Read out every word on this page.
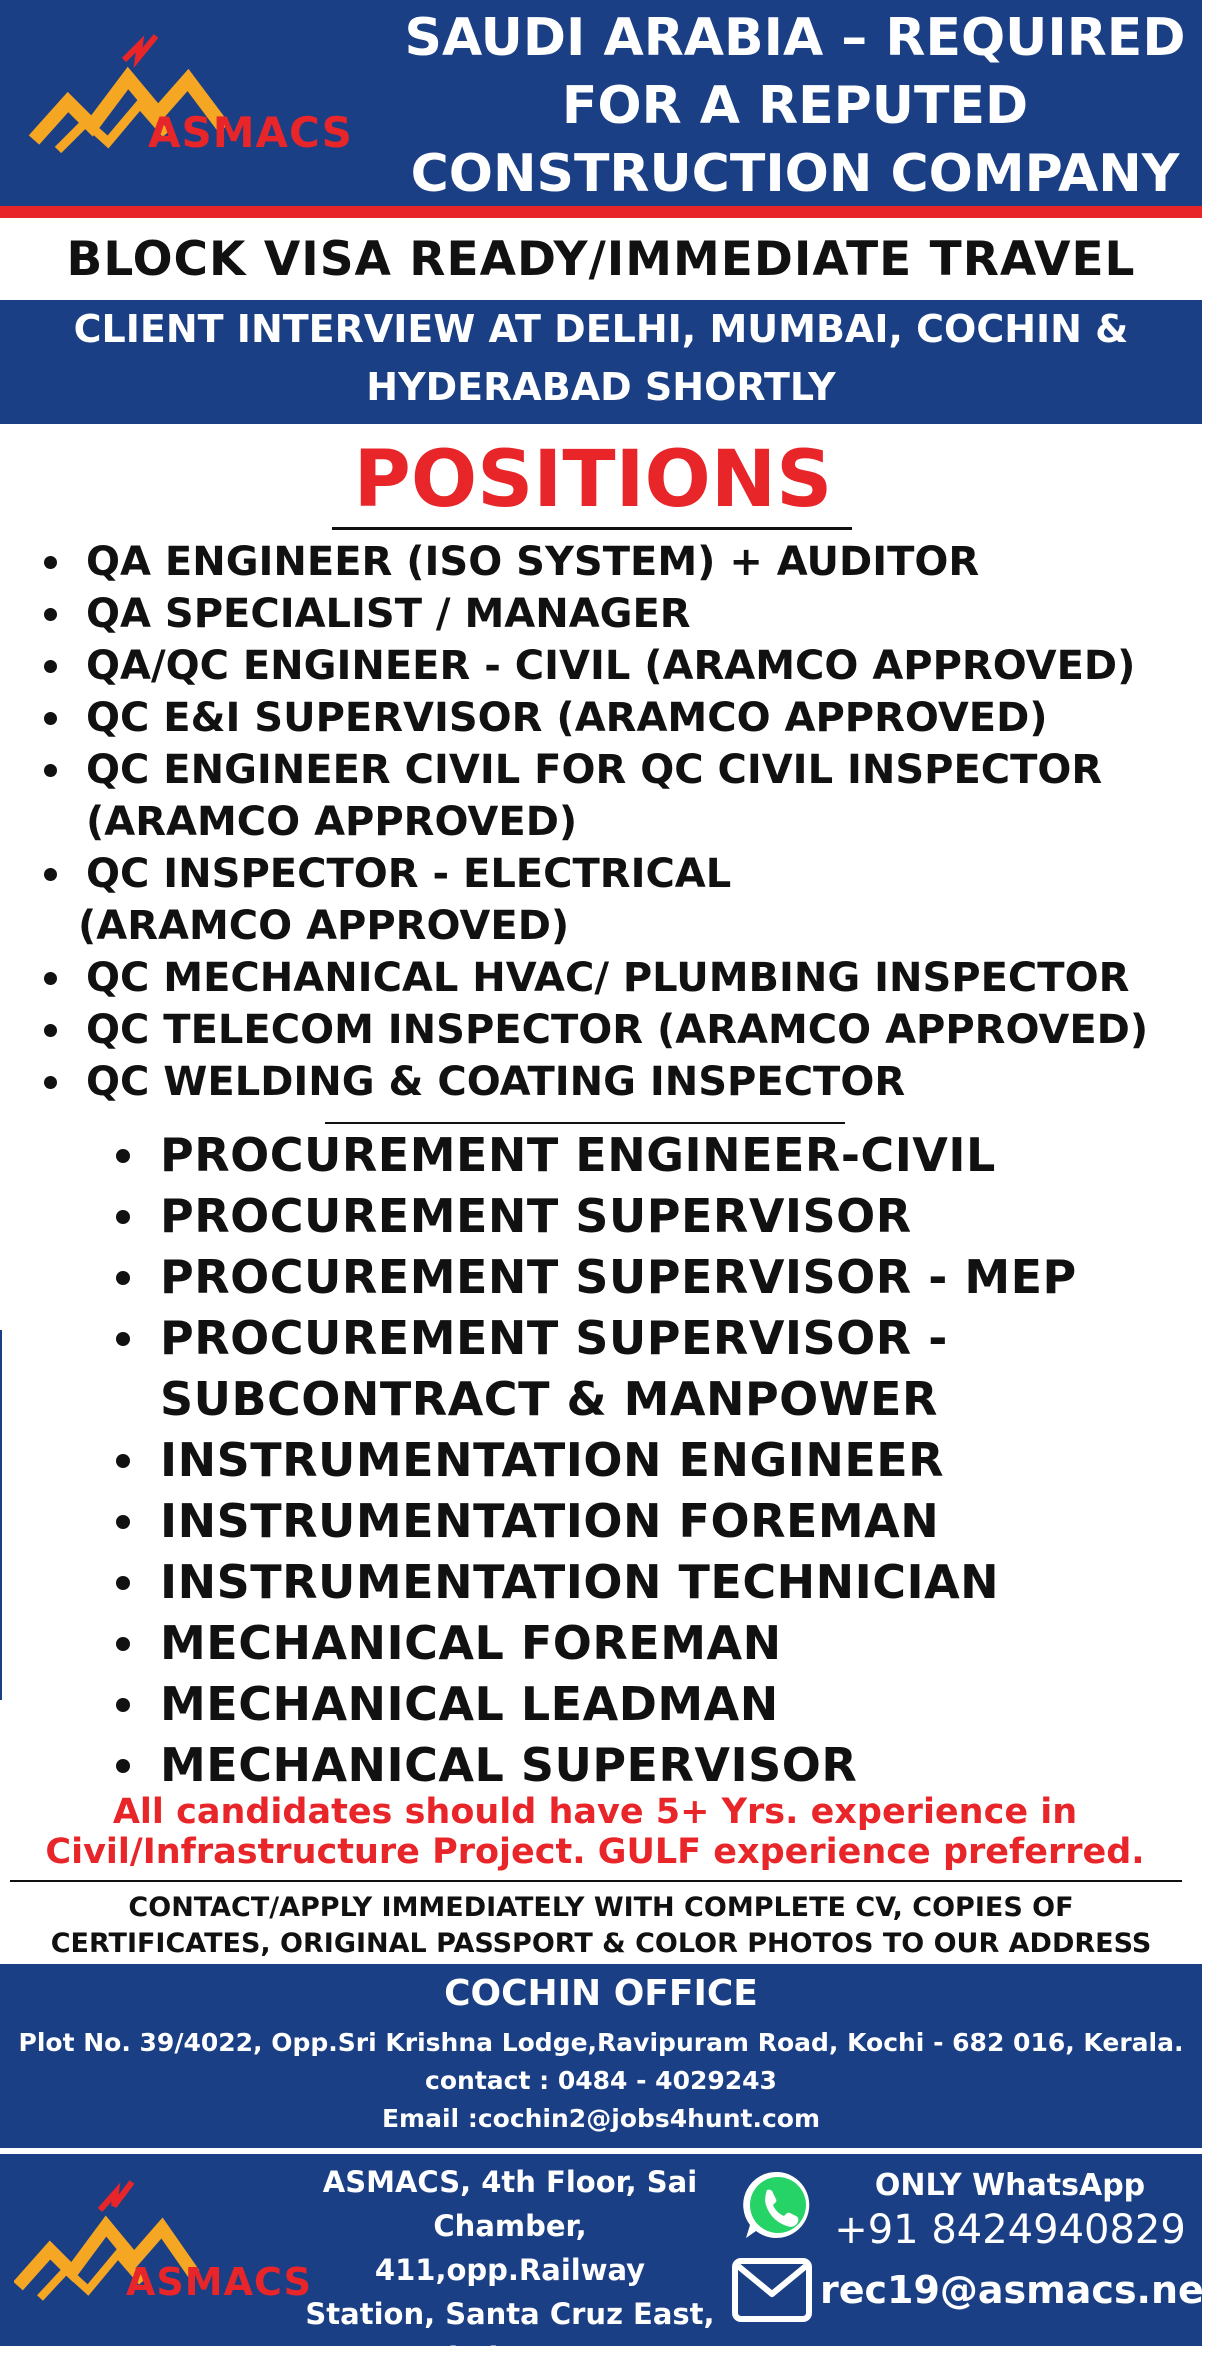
ASMACS
SAUDI ARABIA – REQUIRED
FOR A REPUTED
CONSTRUCTION COMPANY
BLOCK VISA READY/IMMEDIATE TRAVEL
CLIENT INTERVIEW AT DELHI, MUMBAI, COCHIN &
HYDERABAD SHORTLY
POSITIONS
QA ENGINEER (ISO SYSTEM) + AUDITOR
QA SPECIALIST / MANAGER
QA/QC ENGINEER - CIVIL (ARAMCO APPROVED)
QC E&I SUPERVISOR (ARAMCO APPROVED)
QC ENGINEER CIVIL FOR QC CIVIL INSPECTOR
(ARAMCO APPROVED)
QC INSPECTOR - ELECTRICAL
(ARAMCO APPROVED)
QC MECHANICAL HVAC/ PLUMBING INSPECTOR
QC TELECOM INSPECTOR (ARAMCO APPROVED)
QC WELDING & COATING INSPECTOR
PROCUREMENT ENGINEER-CIVIL
PROCUREMENT SUPERVISOR
PROCUREMENT SUPERVISOR - MEP
PROCUREMENT SUPERVISOR -
SUBCONTRACT & MANPOWER
INSTRUMENTATION ENGINEER
INSTRUMENTATION FOREMAN
INSTRUMENTATION TECHNICIAN
MECHANICAL FOREMAN
MECHANICAL LEADMAN
MECHANICAL SUPERVISOR
All candidates should have 5+ Yrs. experience in
Civil/Infrastructure Project. GULF experience preferred.
CONTACT/APPLY IMMEDIATELY WITH COMPLETE CV, COPIES OF
CERTIFICATES, ORIGINAL PASSPORT & COLOR PHOTOS TO OUR ADDRESS
COCHIN OFFICE
Plot No. 39/4022, Opp.Sri Krishna Lodge,Ravipuram Road, Kochi - 682 016, Kerala.
contact : 0484 - 4029243
Email :cochin2@jobs4hunt.com
ASMACS
ASMACS, 4th Floor, Sai
Chamber, 411,opp.Railway
Station, Santa Cruz East,
Mumbai - 400055
ONLY WhatsApp
+91 8424940829
rec19@asmacs.net
